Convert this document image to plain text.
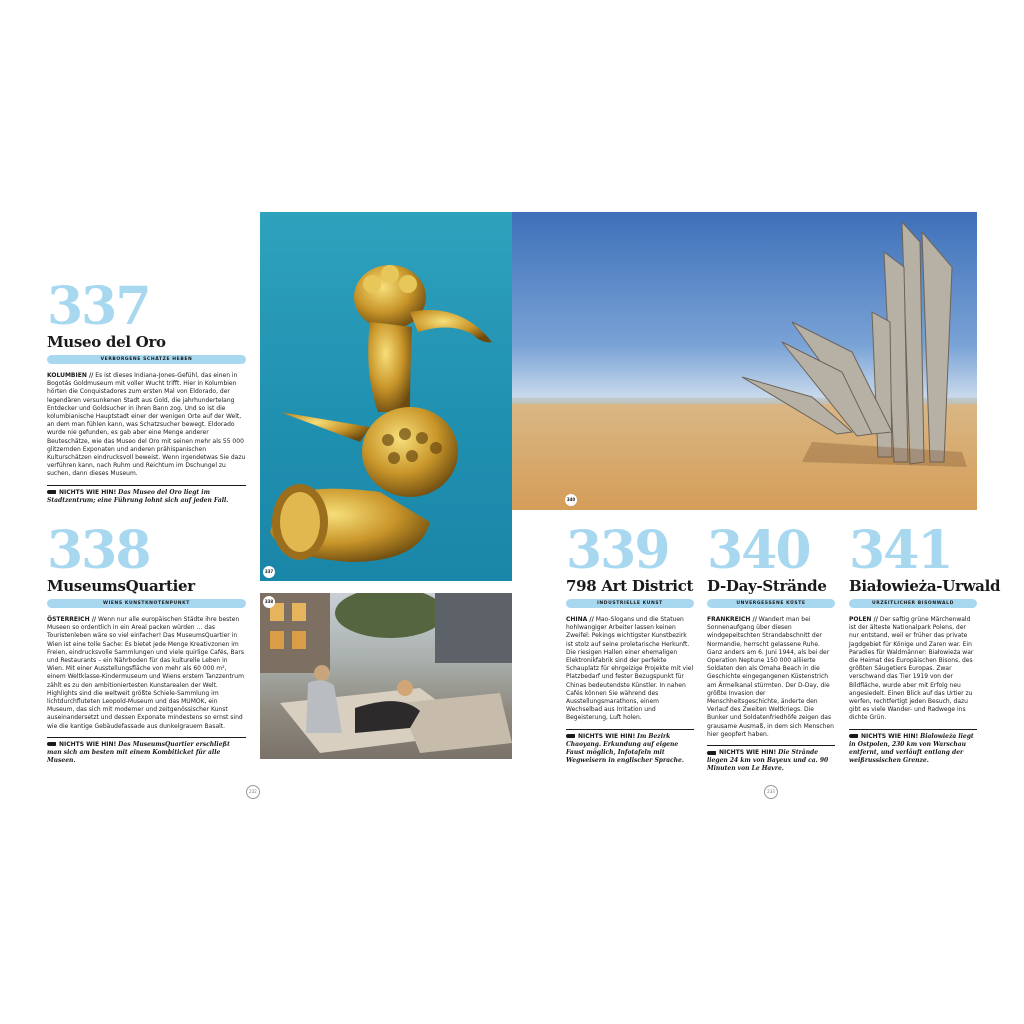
337
Museo del Oro
VERBORGENE SCHÄTZE HEBEN
KOLUMBIEN // Es ist dieses Indiana-Jones-Gefühl, das einen in Bogotás Goldmuseum mit voller Wucht trifft. Hier in Kolumbien hörten die Conquistadores zum ersten Mal von Eldorado, der legendären versunkenen Stadt aus Gold, die jahrhundertelang Entdecker und Goldsucher in ihren Bann zog. Und so ist die kolumbianische Hauptstadt einer der wenigen Orte auf der Welt, an dem man fühlen kann, was Schatzsucher bewegt. Eldorado wurde nie gefunden, es gab aber eine Menge anderer Beuteschätze, wie das Museo del Oro mit seinen mehr als 55 000 glitzernden Exponaten und anderen prähispanischen Kulturschätzen eindrucksvoll beweist. Wenn irgendetwas Sie dazu verführen kann, nach Ruhm und Reichtum im Dschungel zu suchen, dann dieses Museum.
NICHTS WIE HIN! Das Museo del Oro liegt im Stadtzentrum; eine Führung lohnt sich auf jeden Fall.
338
MuseumsQuartier
WIENS KUNSTKNOTENPUNKT
ÖSTERREICH // Wenn nur alle europäischen Städte ihre besten Museen so ordentlich in ein Areal packen würden … das Touristenleben wäre so viel einfacher! Das MuseumsQuartier in Wien ist eine tolle Sache: Es bietet jede Menge Kreativzonen im Freien, eindrucksvolle Sammlungen und viele quirlige Cafés, Bars und Restaurants – ein Nährboden für das kulturelle Leben in Wien. Mit einer Ausstellungsfläche von mehr als 60 000 m², einem Weltklasse-Kindermuseum und Wiens erstem Tanzzentrum zählt es zu den ambitioniertesten Kunstarealen der Welt. Highlights sind die weltweit größte Schiele-Sammlung im lichtdurchfluteten Leopold-Museum und das MUMOK, ein Museum, das sich mit moderner und zeitgenössischer Kunst auseinandersetzt und dessen Exponate mindestens so ernst sind wie die kantige Gebäudefassade aus dunkelgrauem Basalt.
NICHTS WIE HIN! Das MuseumsQuartier erschließt man sich am besten mit einem Kombiticket für alle Museen.
337
340
338
339
798 Art District
INDUSTRIELLE KUNST
CHINA // Mao-Slogans und die Statuen hohlwangiger Arbeiter lassen keinen Zweifel: Pekings wichtigster Kunstbezirk ist stolz auf seine proletarische Herkunft. Die riesigen Hallen einer ehemaligen Elektronikfabrik sind der perfekte Schauplatz für ehrgeizige Projekte mit viel Platzbedarf und fester Bezugspunkt für Chinas bedeutendste Künstler. In nahen Cafés können Sie während des Ausstellungsmarathons, einem Wechselbad aus Irritation und Begeisterung, Luft holen.
NICHTS WIE HIN! Im Bezirk Chaoyang. Erkundung auf eigene Faust möglich, Infotafeln mit Wegweisern in englischer Sprache.
340
D-Day-Strände
UNVERGESSENE KÜSTE
FRANKREICH // Wandert man bei Sonnenaufgang über diesen windgepeitschten Strandabschnitt der Normandie, herrscht gelassene Ruhe. Ganz anders am 6. Juni 1944, als bei der Operation Neptune 150 000 alliierte Soldaten den als Omaha Beach in die Geschichte eingegangenen Küstenstrich am Ärmelkanal stürmten. Der D-Day, die größte Invasion der Menschheitsgeschichte, änderte den Verlauf des Zweiten Weltkriegs. Die Bunker und Soldatenfriedhöfe zeigen das grausame Ausmaß, in dem sich Menschen hier geopfert haben.
NICHTS WIE HIN! Die Strände liegen 24 km von Bayeux und ca. 90 Minuten von Le Havre.
341
Białowieża-Urwald
URZEITLICHER BISONWALD
POLEN // Der saftig grüne Märchenwald ist der älteste Nationalpark Polens, der nur entstand, weil er früher das private Jagdgebiet für Könige und Zaren war. Ein Paradies für Waldmänner: Białowieża war die Heimat des Europäischen Bisons, des größten Säugetiers Europas. Zwar verschwand das Tier 1919 von der Bildfläche, wurde aber mit Erfolg neu angesiedelt. Einen Blick auf das Urtier zu werfen, rechtfertigt jeden Besuch, dazu gibt es viele Wander- und Radwege ins dichte Grün.
NICHTS WIE HIN! Białowieża liegt in Ostpolen, 230 km von Warschau entfernt, und verläuft entlang der weißrussischen Grenze.
232	233
